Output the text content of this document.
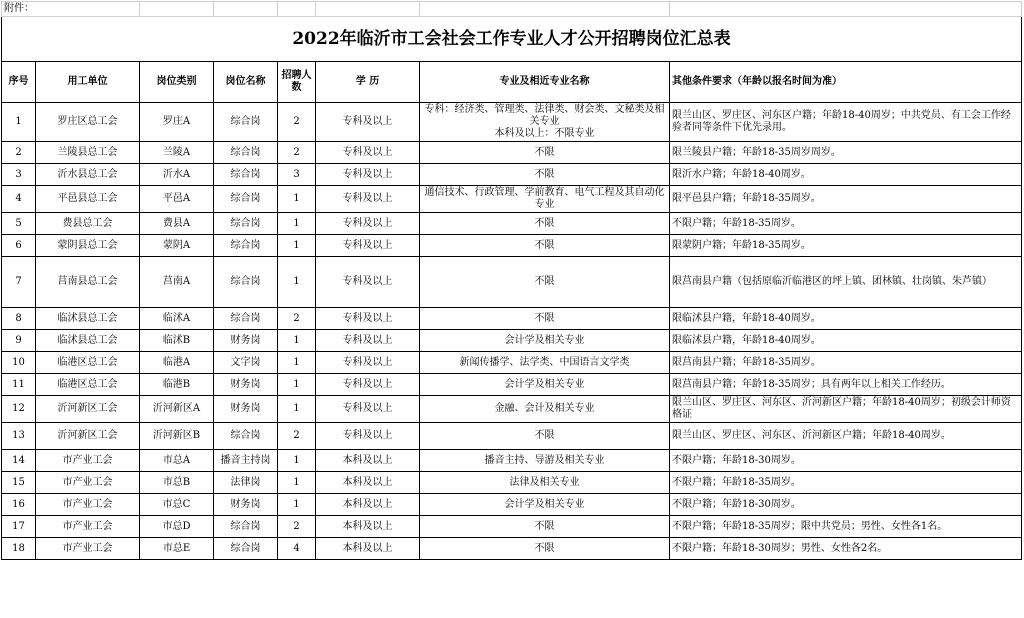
附件：							
2022年临沂市工会社会工作专业人才公开招聘岗位汇总表							
序号	用工单位	岗位类别	岗位名称	招聘人数	学 历	专业及相近专业名称	其他条件要求（年龄以报名时间为准）
1	罗庄区总工会	罗庄A	综合岗	2	专科及以上	专科：经济类、管理类、法律类、财会类、文秘类及相关专业
本科及以上：不限专业	限兰山区、罗庄区、河东区户籍；年龄18-40周岁；中共党员、有工会工作经验者同等条件下优先录用。
2	兰陵县总工会	兰陵A	综合岗	2	专科及以上	不限	限兰陵县户籍；年龄18-35周岁周岁。
3	沂水县总工会	沂水A	综合岗	3	专科及以上	不限	限沂水户籍；年龄18-40周岁。
4	平邑县总工会	平邑A	综合岗	1	专科及以上	通信技术、行政管理、学前教育、电气工程及其自动化专业	限平邑县户籍；年龄18-35周岁。
5	费县总工会	费县A	综合岗	1	专科及以上	不限	不限户籍；年龄18-35周岁。
6	蒙阴县总工会	蒙阴A	综合岗	1	专科及以上	不限	限蒙阴户籍；年龄18-35周岁。
7	莒南县总工会	莒南A	综合岗	1	专科及以上	不限	限莒南县户籍（包括原临沂临港区的坪上镇、团林镇、壮岗镇、朱芦镇）
8	临沭县总工会	临沭A	综合岗	2	专科及以上	不限	限临沭县户籍，年龄18-40周岁。
9	临沭县总工会	临沭B	财务岗	1	专科及以上	会计学及相关专业	限临沭县户籍，年龄18-40周岁。
10	临港区总工会	临港A	文字岗	1	专科及以上	新闻传播学、法学类、中国语言文学类	限莒南县户籍；年龄18-35周岁。
11	临港区总工会	临港B	财务岗	1	专科及以上	会计学及相关专业	限莒南县户籍；年龄18-35周岁；具有两年以上相关工作经历。
12	沂河新区工会	沂河新区A	财务岗	1	专科及以上	金融、会计及相关专业	限兰山区、罗庄区、河东区、沂河新区户籍；年龄18-40周岁；初级会计师资格证
13	沂河新区工会	沂河新区B	综合岗	2	专科及以上	不限	限兰山区、罗庄区、河东区、沂河新区户籍；年龄18-40周岁。
14	市产业工会	市总A	播音主持岗	1	本科及以上	播音主持、导游及相关专业	不限户籍；年龄18-30周岁。
15	市产业工会	市总B	法律岗	1	本科及以上	法律及相关专业	不限户籍；年龄18-35周岁。
16	市产业工会	市总C	财务岗	1	本科及以上	会计学及相关专业	不限户籍；年龄18-30周岁。
17	市产业工会	市总D	综合岗	2	本科及以上	不限	不限户籍；年龄18-35周岁；限中共党员；男性、女性各1名。
18	市产业工会	市总E	综合岗	4	本科及以上	不限	不限户籍；年龄18-30周岁；男性、女性各2名。
